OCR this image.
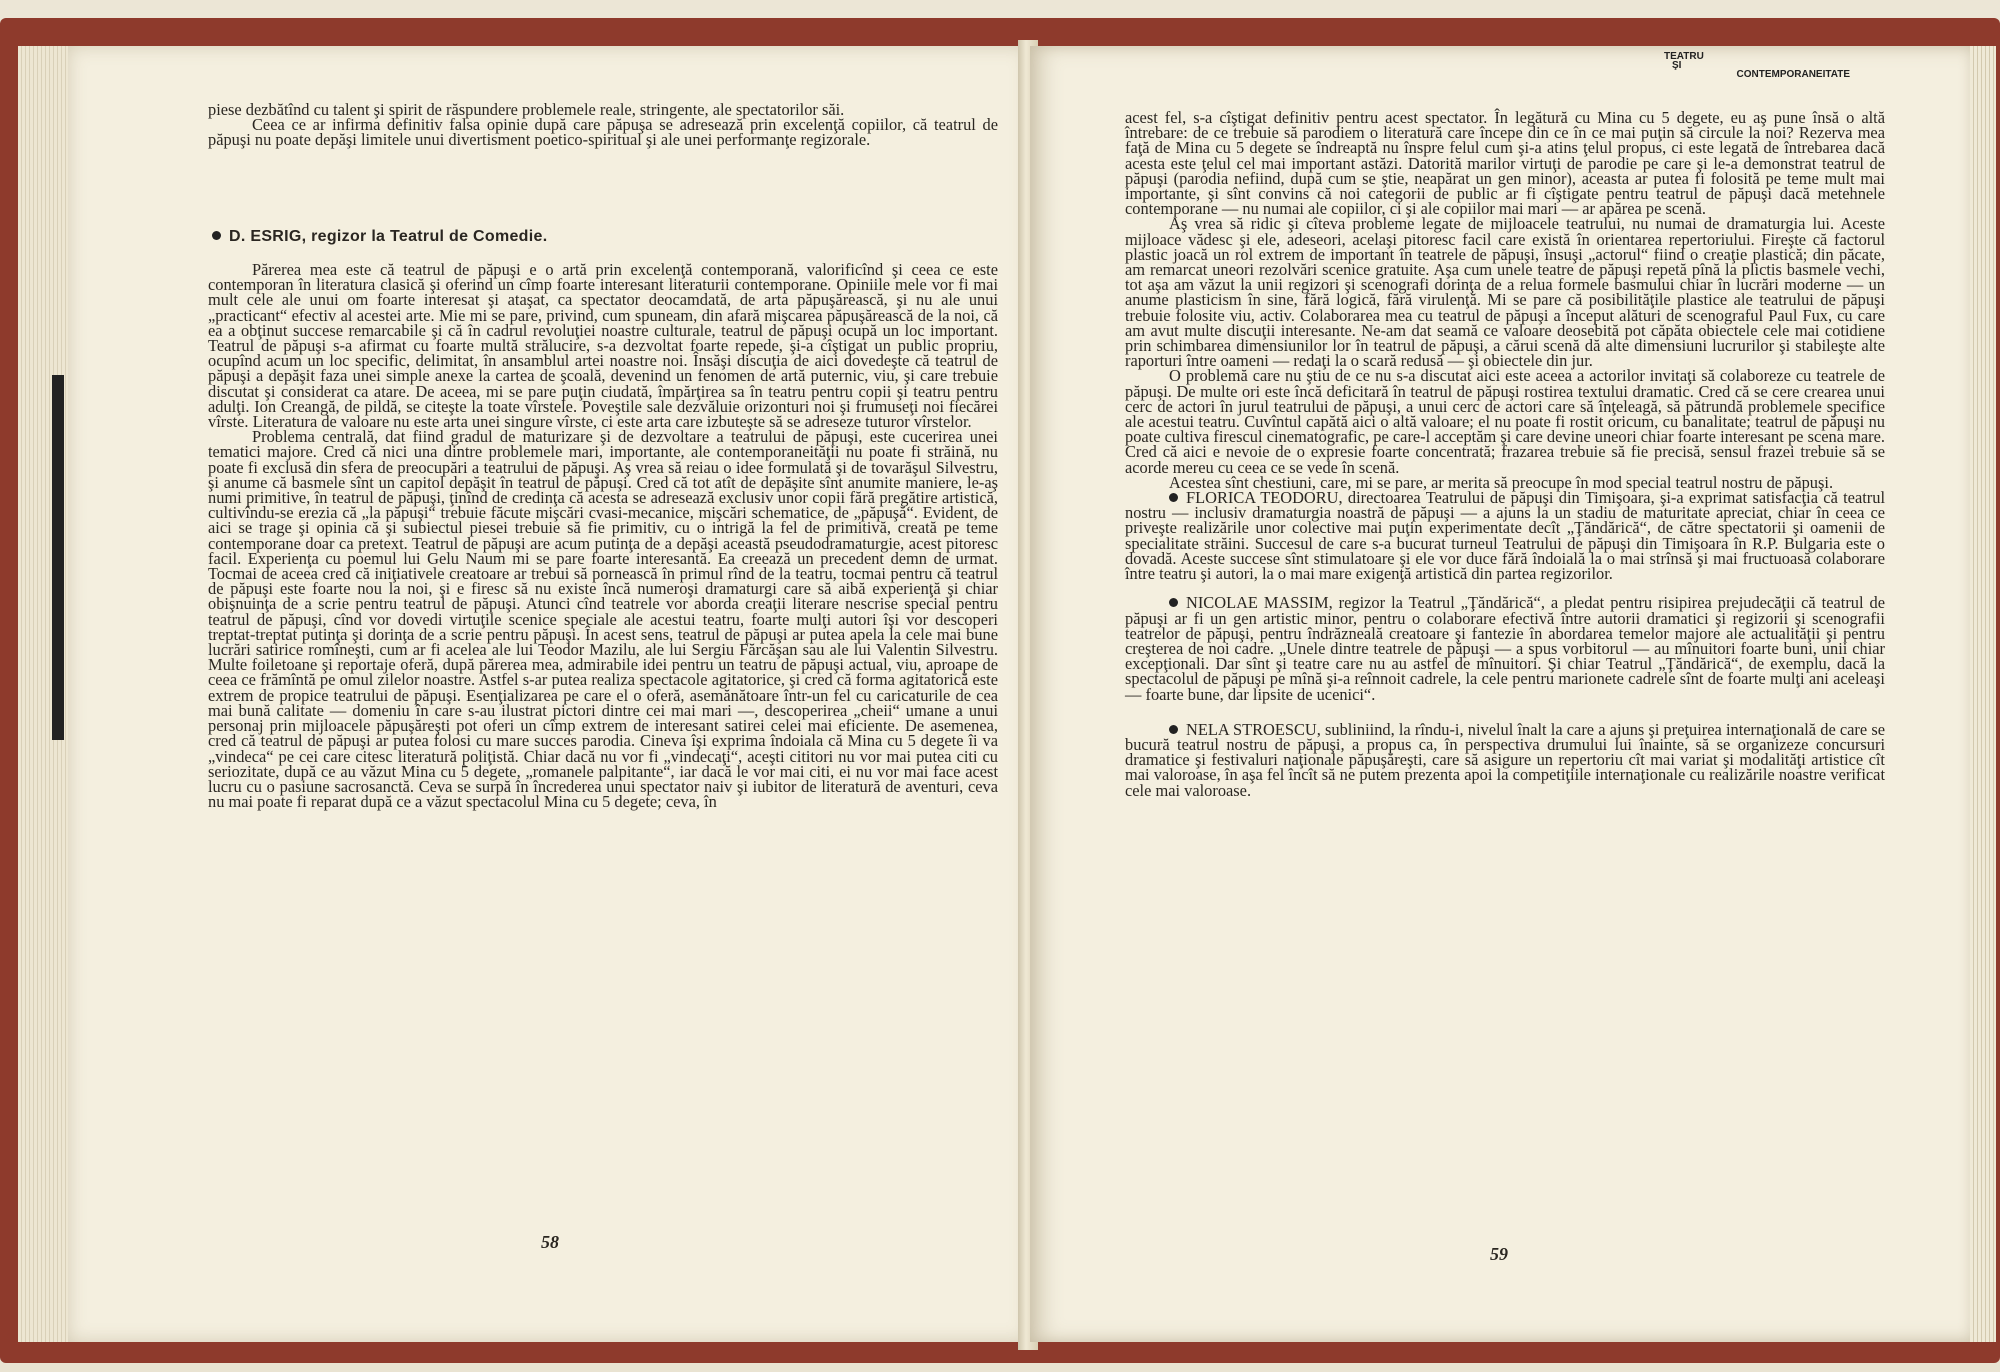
piese dezbătînd cu talent şi spirit de răspundere problemele reale, stringente, ale spectatorilor săi.

Ceea ce ar infirma definitiv falsa opinie după care păpuşa se adresează prin excelenţă copiilor, că teatrul de păpuşi nu poate depăşi limitele unui divertisment poetico-spiritual şi ale unei performanţe regizorale.

D. ESRIG, regizor la Teatrul de Comedie.

Părerea mea este că teatrul de păpuşi e o artă prin excelenţă contemporană, valorificînd şi ceea ce este contemporan în literatura clasică şi oferind un cîmp foarte interesant literaturii contemporane. Opiniile mele vor fi mai mult cele ale unui om foarte interesat şi ataşat, ca spectator deocamdată, de arta păpuşărească, şi nu ale unui „practicant“ efectiv al acestei arte. Mie mi se pare, privind, cum spuneam, din afară mişcarea păpuşărească de la noi, că ea a obţinut succese remarcabile şi că în cadrul revoluţiei noastre culturale, teatrul de păpuşi ocupă un loc important. Teatrul de păpuşi s-a afirmat cu foarte multă strălucire, s-a dezvoltat foarte repede, şi-a cîştigat un public propriu, ocupînd acum un loc specific, delimitat, în ansamblul artei noastre noi. Însăşi discuţia de aici dovedeşte că teatrul de păpuşi a depăşit faza unei simple anexe la cartea de şcoală, devenind un fenomen de artă puternic, viu, şi care trebuie discutat şi considerat ca atare. De aceea, mi se pare puţin ciudată, împărţirea sa în teatru pentru copii şi teatru pentru adulţi. Ion Creangă, de pildă, se citeşte la toate vîrstele. Poveştile sale dezvăluie orizonturi noi şi frumuseţi noi fiecărei vîrste. Literatura de valoare nu este arta unei singure vîrste, ci este arta care izbuteşte să se adreseze tuturor vîrstelor.

Problema centrală, dat fiind gradul de maturizare şi de dezvoltare a teatrului de păpuşi, este cucerirea unei tematici majore. Cred că nici una dintre problemele mari, importante, ale contemporaneităţii nu poate fi străină, nu poate fi exclusă din sfera de preocupări a teatrului de păpuşi. Aş vrea să reiau o idee formulată şi de tovarăşul Silvestru, şi anume că basmele sînt un capitol depăşit în teatrul de păpuşi. Cred că tot atît de depăşite sînt anumite maniere, le-aş numi primitive, în teatrul de păpuşi, ţinînd de credinţa că acesta se adresează exclusiv unor copii fără pregătire artistică, cultivîndu-se erezia că „la păpuşi“ trebuie făcute mişcări cvasi-mecanice, mişcări schematice, de „păpuşă“. Evident, de aici se trage şi opinia că şi subiectul piesei trebuie să fie primitiv, cu o intrigă la fel de primitivă, creată pe teme contemporane doar ca pretext. Teatrul de păpuşi are acum putinţa de a depăşi această pseudodramaturgie, acest pitoresc facil. Experienţa cu poemul lui Gelu Naum mi se pare foarte interesantă. Ea creează un precedent demn de urmat. Tocmai de aceea cred că iniţiativele creatoare ar trebui să pornească în primul rînd de la teatru, tocmai pentru că teatrul de păpuşi este foarte nou la noi, şi e firesc să nu existe încă numeroşi dramaturgi care să aibă experienţă şi chiar obişnuinţa de a scrie pentru teatrul de păpuşi. Atunci cînd teatrele vor aborda creaţii literare nescrise special pentru teatrul de păpuşi, cînd vor dovedi virtuţile scenice speciale ale acestui teatru, foarte mulţi autori îşi vor descoperi treptat-treptat putinţa şi dorinţa de a scrie pentru păpuşi. În acest sens, teatrul de păpuşi ar putea apela la cele mai bune lucrări satirice romîneşti, cum ar fi acelea ale lui Teodor Mazilu, ale lui Sergiu Fărcăşan sau ale lui Valentin Silvestru. Multe foiletoane şi reportaje oferă, după părerea mea, admirabile idei pentru un teatru de păpuşi actual, viu, aproape de ceea ce frămîntă pe omul zilelor noastre. Astfel s-ar putea realiza spectacole agitatorice, şi cred că forma agitatorică este extrem de propice teatrului de păpuşi. Esenţializarea pe care el o oferă, asemănătoare într-un fel cu caricaturile de cea mai bună calitate — domeniu în care s-au ilustrat pictori dintre cei mai mari —, descoperirea „cheii“ umane a unui personaj prin mijloacele păpuşăreşti pot oferi un cîmp extrem de interesant satirei celei mai eficiente. De asemenea, cred că teatrul de păpuşi ar putea folosi cu mare succes parodia. Cineva îşi exprima îndoiala că Mina cu 5 degete îi va „vindeca“ pe cei care citesc literatură poliţistă. Chiar dacă nu vor fi „vindecaţi“, aceşti cititori nu vor mai putea citi cu seriozitate, după ce au văzut Mina cu 5 degete, „romanele palpitante“, iar dacă le vor mai citi, ei nu vor mai face acest lucru cu o pasiune sacrosanctă. Ceva se surpă în încrederea unui spectator naiv şi iubitor de literatură de aventuri, ceva nu mai poate fi reparat după ce a văzut spectacolul Mina cu 5 degete; ceva, în

58

acest fel, s-a cîştigat definitiv pentru acest spectator. În legătură cu Mina cu 5 degete, eu aş pune însă o altă întrebare: de ce trebuie să parodiem o literatură care începe din ce în ce mai puţin să circule la noi? Rezerva mea faţă de Mina cu 5 degete se îndreaptă nu înspre felul cum şi-a atins ţelul propus, ci este legată de întrebarea dacă acesta este ţelul cel mai important astăzi. Datorită marilor virtuţi de parodie pe care şi le-a demonstrat teatrul de păpuşi (parodia nefiind, după cum se ştie, neapărat un gen minor), aceasta ar putea fi folosită pe teme mult mai importante, şi sînt convins că noi categorii de public ar fi cîştigate pentru teatrul de păpuşi dacă metehnele contemporane — nu numai ale copiilor, ci şi ale copiilor mai mari — ar apărea pe scenă.

Aş vrea să ridic şi cîteva probleme legate de mijloacele teatrului, nu numai de dramaturgia lui. Aceste mijloace vădesc şi ele, adeseori, acelaşi pitoresc facil care există în orientarea repertoriului. Fireşte că factorul plastic joacă un rol extrem de important în teatrele de păpuşi, însuşi „actorul“ fiind o creaţie plastică; din păcate, am remarcat uneori rezolvări scenice gratuite. Aşa cum unele teatre de păpuşi repetă pînă la plictis basmele vechi, tot aşa am văzut la unii regizori şi scenografi dorinţa de a relua formele basmului chiar în lucrări moderne — un anume plasticism în sine, fără logică, fără virulenţă. Mi se pare că posibilităţile plastice ale teatrului de păpuşi trebuie folosite viu, activ. Colaborarea mea cu teatrul de păpuşi a început alături de scenograful Paul Fux, cu care am avut multe discuţii interesante. Ne-am dat seamă ce valoare deosebită pot căpăta obiectele cele mai cotidiene prin schimbarea dimensiunilor lor în teatrul de păpuşi, a cărui scenă dă alte dimensiuni lucrurilor şi stabileşte alte raporturi între oameni — redaţi la o scară redusă — şi obiectele din jur.

O problemă care nu ştiu de ce nu s-a discutat aici este aceea a actorilor invitaţi să colaboreze cu teatrele de păpuşi. De multe ori este încă deficitară în teatrul de păpuşi rostirea textului dramatic. Cred că se cere crearea unui cerc de actori în jurul teatrului de păpuşi, a unui cerc de actori care să înţeleagă, să pătrundă problemele specifice ale acestui teatru. Cuvîntul capătă aici o altă valoare; el nu poate fi rostit oricum, cu banalitate; teatrul de păpuşi nu poate cultiva firescul cinematografic, pe care-l acceptăm şi care devine uneori chiar foarte interesant pe scena mare. Cred că aici e nevoie de o expresie foarte concentrată; frazarea trebuie să fie precisă, sensul frazei trebuie să se acorde mereu cu ceea ce se vede în scenă.

Acestea sînt chestiuni, care, mi se pare, ar merita să preocupe în mod special teatrul nostru de păpuşi.

FLORICA TEODORU, directoarea Teatrului de păpuşi din Timişoara, şi-a exprimat satisfacţia că teatrul nostru — inclusiv dramaturgia noastră de păpuşi — a ajuns la un stadiu de maturitate apreciat, chiar în ceea ce priveşte realizările unor colective mai puţin experimentate decît „Ţăndărică“, de către spectatorii şi oamenii de specialitate străini. Succesul de care s-a bucurat turneul Teatrului de păpuşi din Timişoara în R.P. Bulgaria este o dovadă. Aceste succese sînt stimulatoare şi ele vor duce fără îndoială la o mai strînsă şi mai fructuoasă colaborare între teatru şi autori, la o mai mare exigenţă artistică din partea regizorilor.

NICOLAE MASSIM, regizor la Teatrul „Ţăndărică“, a pledat pentru risipirea prejudecăţii că teatrul de păpuşi ar fi un gen artistic minor, pentru o colaborare efectivă între autorii dramatici şi regizorii şi scenografii teatrelor de păpuşi, pentru îndrăzneală creatoare şi fantezie în abordarea temelor majore ale actualităţii şi pentru creşterea de noi cadre. „Unele dintre teatrele de păpuşi — a spus vorbitorul — au mînuitori foarte buni, unii chiar excepţionali. Dar sînt şi teatre care nu au astfel de mînuitori. Şi chiar Teatrul „Ţăndărică“, de exemplu, dacă la spectacolul de păpuşi pe mînă şi-a reînnoit cadrele, la cele pentru marionete cadrele sînt de foarte mulţi ani aceleaşi — foarte bune, dar lipsite de ucenici“.

NELA STROESCU, subliniind, la rîndu-i, nivelul înalt la care a ajuns şi preţuirea internaţională de care se bucură teatrul nostru de păpuşi, a propus ca, în perspectiva drumului lui înainte, să se organizeze concursuri dramatice şi festivaluri naţionale păpuşăreşti, care să asigure un repertoriu cît mai variat şi modalităţi artistice cît mai valoroase, în aşa fel încît să ne putem prezenta apoi la competiţiile internaţionale cu realizările noastre verificat cele mai valoroase.

59
TEATRU
ŞI
CONTEMPORANEITATE
